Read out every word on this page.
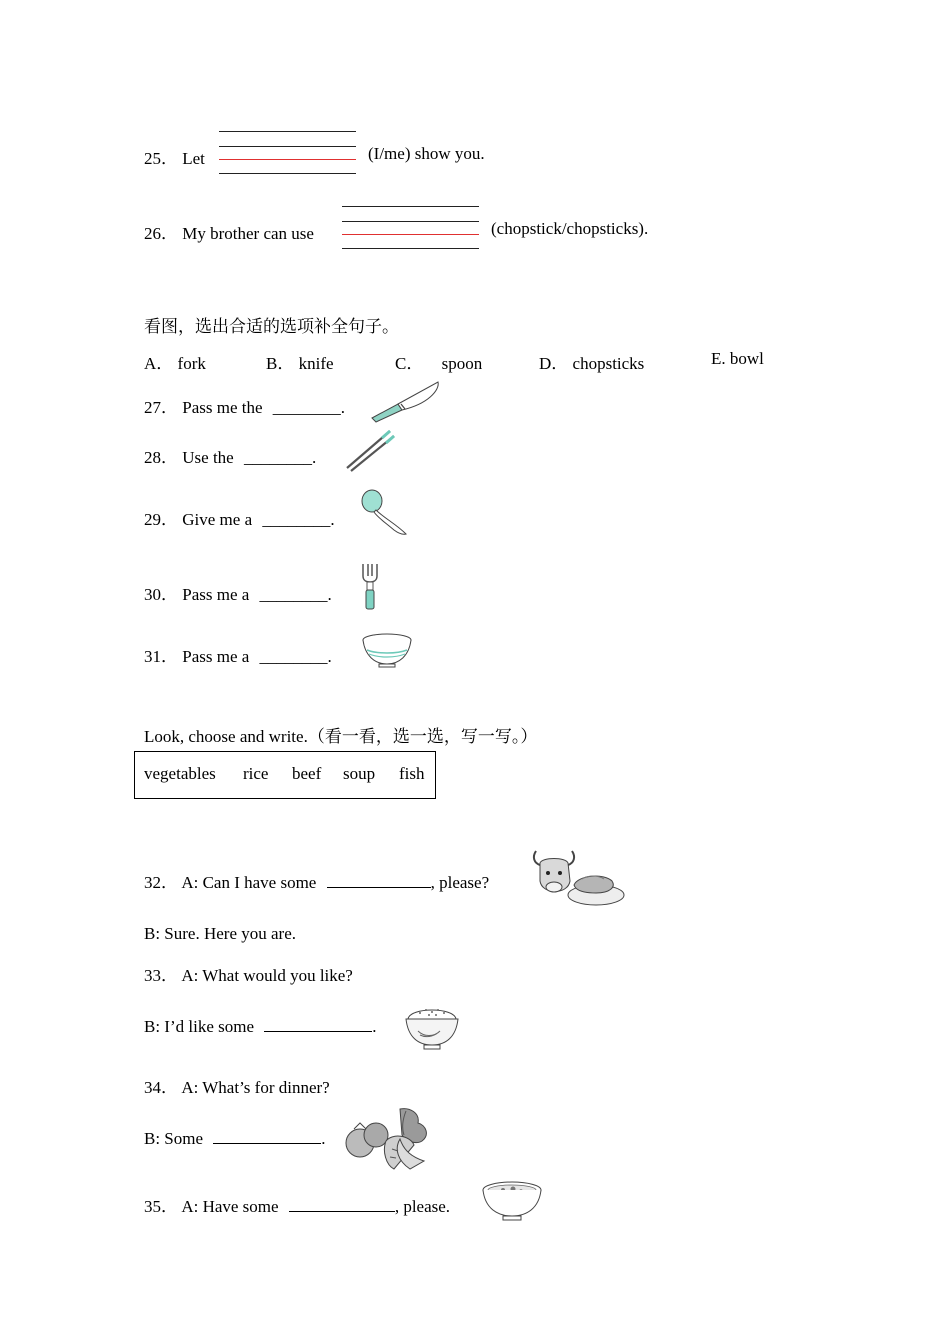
25． Let	(I/me) show you.
26． My brother can use	(chopstick/chopsticks).
看图，选出合适的选项补全句子。
A． fork	B． knife	C． spoon	D． chopsticks	E. bowl
27． Pass me the ________.
28． Use the ________.
29． Give me a ________.
30． Pass me a ________.
31． Pass me a ________.
Look, choose and write.（看一看，选一选，写一写。）
vegetables rice beef soup fish
32． A: Can I have some	, please?
B: Sure. Here you are.
33． A: What would you like?
B: I’d like some	.
34． A: What’s for dinner?
B: Some	.
35． A: Have some	, please.
